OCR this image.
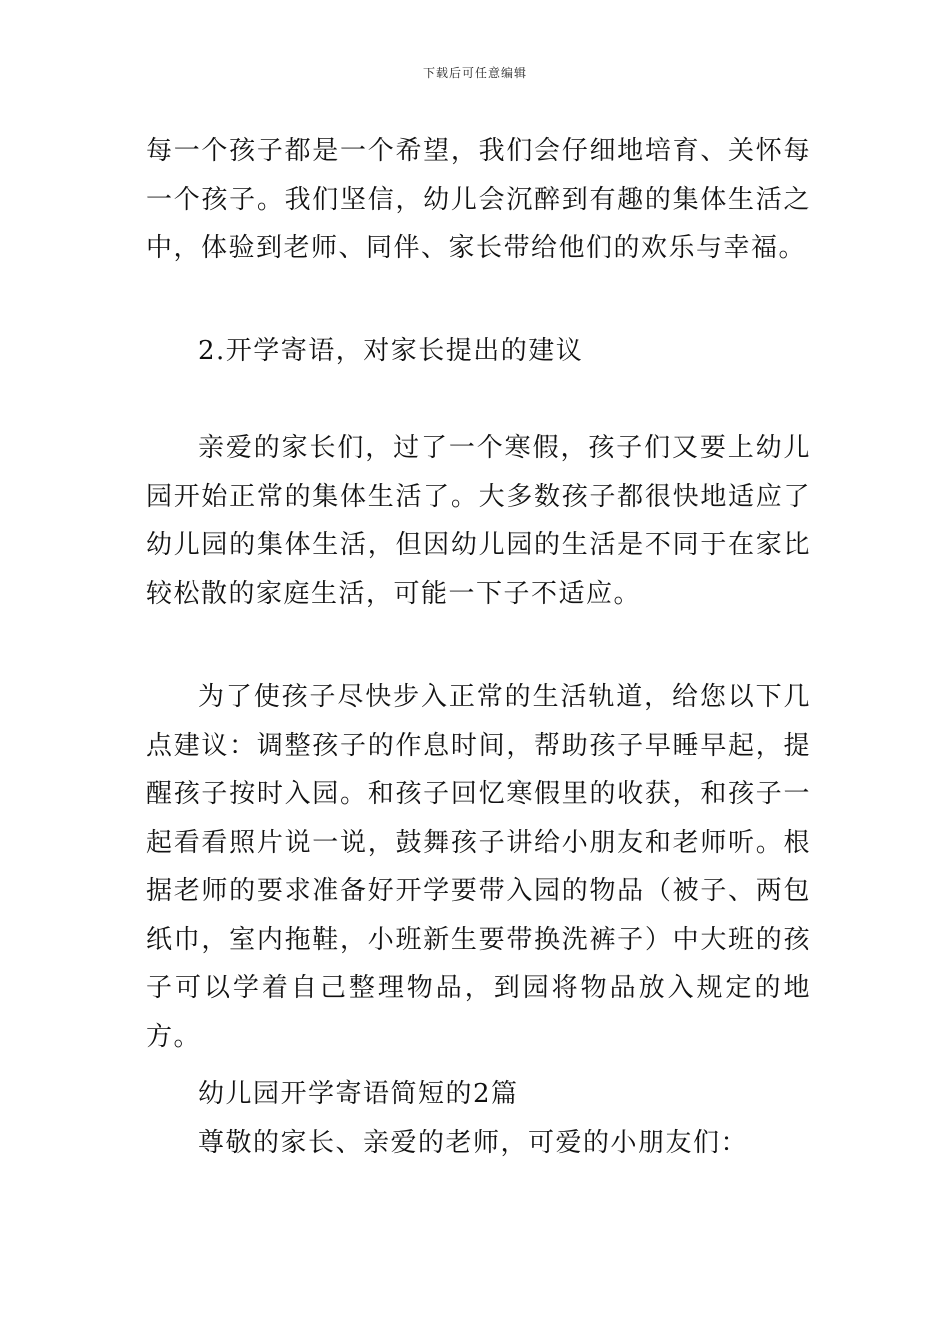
下载后可任意编辑

每一个孩子都是一个希望，我们会仔细地培育、关怀每一个孩子。我们坚信，幼儿会沉醉到有趣的集体生活之中，体验到老师、同伴、家长带给他们的欢乐与幸福。

2.开学寄语，对家长提出的建议

亲爱的家长们，过了一个寒假，孩子们又要上幼儿园开始正常的集体生活了。大多数孩子都很快地适应了幼儿园的集体生活，但因幼儿园的生活是不同于在家比较松散的家庭生活，可能一下子不适应。

为了使孩子尽快步入正常的生活轨道，给您以下几点建议：调整孩子的作息时间，帮助孩子早睡早起，提醒孩子按时入园。和孩子回忆寒假里的收获，和孩子一起看看照片说一说，鼓舞孩子讲给小朋友和老师听。根据老师的要求准备好开学要带入园的物品（被子、两包纸巾，室内拖鞋，小班新生要带换洗裤子）中大班的孩子可以学着自己整理物品，到园将物品放入规定的地方。

幼儿园开学寄语简短的2篇

尊敬的家长、亲爱的老师，可爱的小朋友们：
